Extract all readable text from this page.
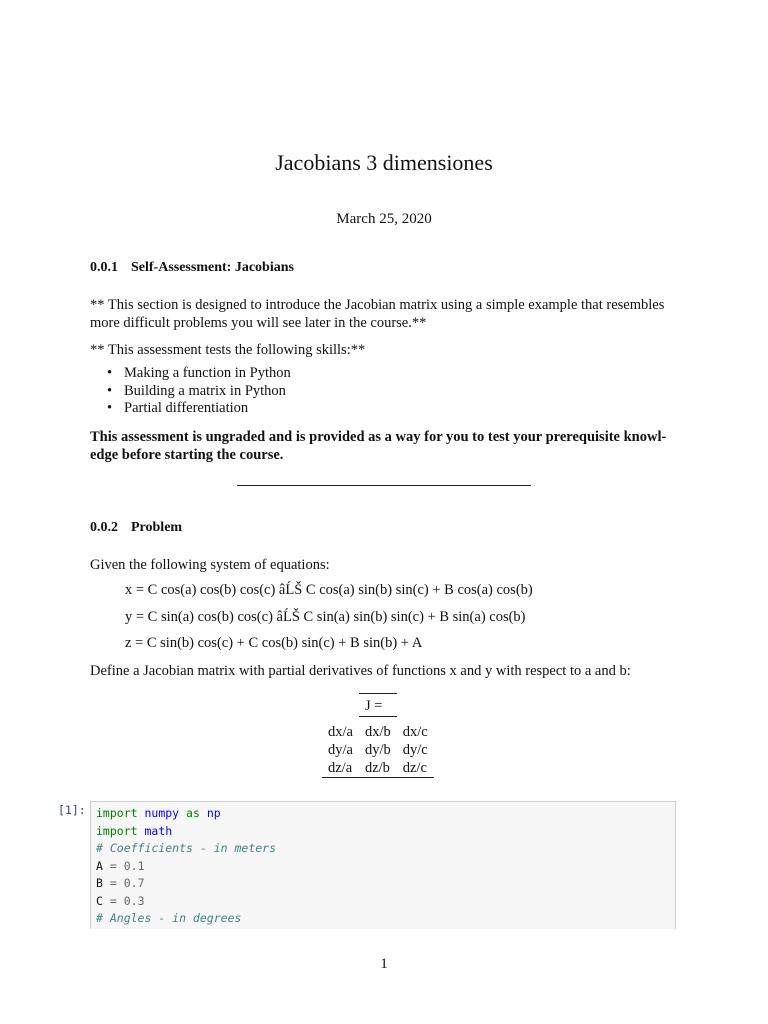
Jacobians 3 dimensiones
March 25, 2020
0.0.1 Self-Assessment: Jacobians
** This section is designed to introduce the Jacobian matrix using a simple example that resembles more difficult problems you will see later in the course.**
** This assessment tests the following skills:**
• Making a function in Python
• Building a matrix in Python
• Partial differentiation
This assessment is ungraded and is provided as a way for you to test your prerequisite knowl-edge before starting the course.
0.0.2 Problem
Given the following system of equations:
x = C cos(a) cos(b) cos(c) âĹŠ C cos(a) sin(b) sin(c) + B cos(a) cos(b)
y = C sin(a) cos(b) cos(c) âĹŠ C sin(a) sin(b) sin(c) + B sin(a) cos(b)
z = C sin(b) cos(c) + C cos(b) sin(c) + B sin(b) + A
Define a Jacobian matrix with partial derivatives of functions x and y with respect to a and b:
	J =	

dx/a	dx/b	dx/c
dy/a	dy/b	dy/c
dz/a	dz/b	dz/c
[1]: import numpy as np
import math
# Coefficients - in meters
A = 0.1
B = 0.7
C = 0.3
# Angles - in degrees
1
